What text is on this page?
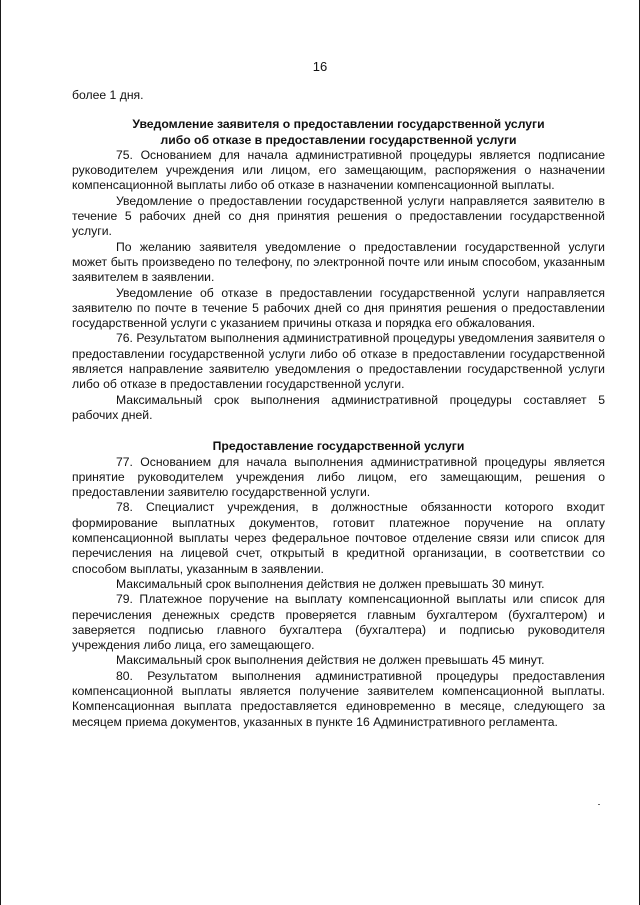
16

более 1 дня.

Уведомление заявителя о предоставлении государственной услуги
либо об отказе в предоставлении государственной услуги

75. Основанием для начала административной процедуры является подписание руководителем учреждения или лицом, его замещающим, распоряжения о назначении компенсационной выплаты либо об отказе в назначении компенсационной выплаты.

Уведомление о предоставлении государственной услуги направляется заявителю в течение 5 рабочих дней со дня принятия решения о предоставлении государственной услуги.

По желанию заявителя уведомление о предоставлении государственной услуги может быть произведено по телефону, по электронной почте или иным способом, указанным заявителем в заявлении.

Уведомление об отказе в предоставлении государственной услуги направляется заявителю по почте в течение 5 рабочих дней со дня принятия решения о предоставлении государственной услуги с указанием причины отказа и порядка его обжалования.

76. Результатом выполнения административной процедуры уведомления заявителя о предоставлении государственной услуги либо об отказе в предоставлении государственной является направление заявителю уведомления о предоставлении государственной услуги либо об отказе в предоставлении государственной услуги.

Максимальный срок выполнения административной процедуры составляет 5 рабочих дней.

Предоставление государственной услуги

77. Основанием для начала выполнения административной процедуры является принятие руководителем учреждения либо лицом, его замещающим, решения о предоставлении заявителю государственной услуги.

78. Специалист учреждения, в должностные обязанности которого входит формирование выплатных документов, готовит платежное поручение на оплату компенсационной выплаты через федеральное почтовое отделение связи или список для перечисления на лицевой счет, открытый в кредитной организации, в соответствии со способом выплаты, указанным в заявлении.

Максимальный срок выполнения действия не должен превышать 30 минут.

79. Платежное поручение на выплату компенсационной выплаты или список для перечисления денежных средств проверяется главным бухгалтером (бухгалтером) и заверяется подписью главного бухгалтера (бухгалтера) и подписью руководителя учреждения либо лица, его замещающего.

Максимальный срок выполнения действия не должен превышать 45 минут.

80. Результатом выполнения административной процедуры предоставления компенсационной выплаты является получение заявителем компенсационной выплаты. Компенсационная выплата предоставляется единовременно в месяце, следующего за месяцем приема документов, указанных в пункте 16 Административного регламента.
